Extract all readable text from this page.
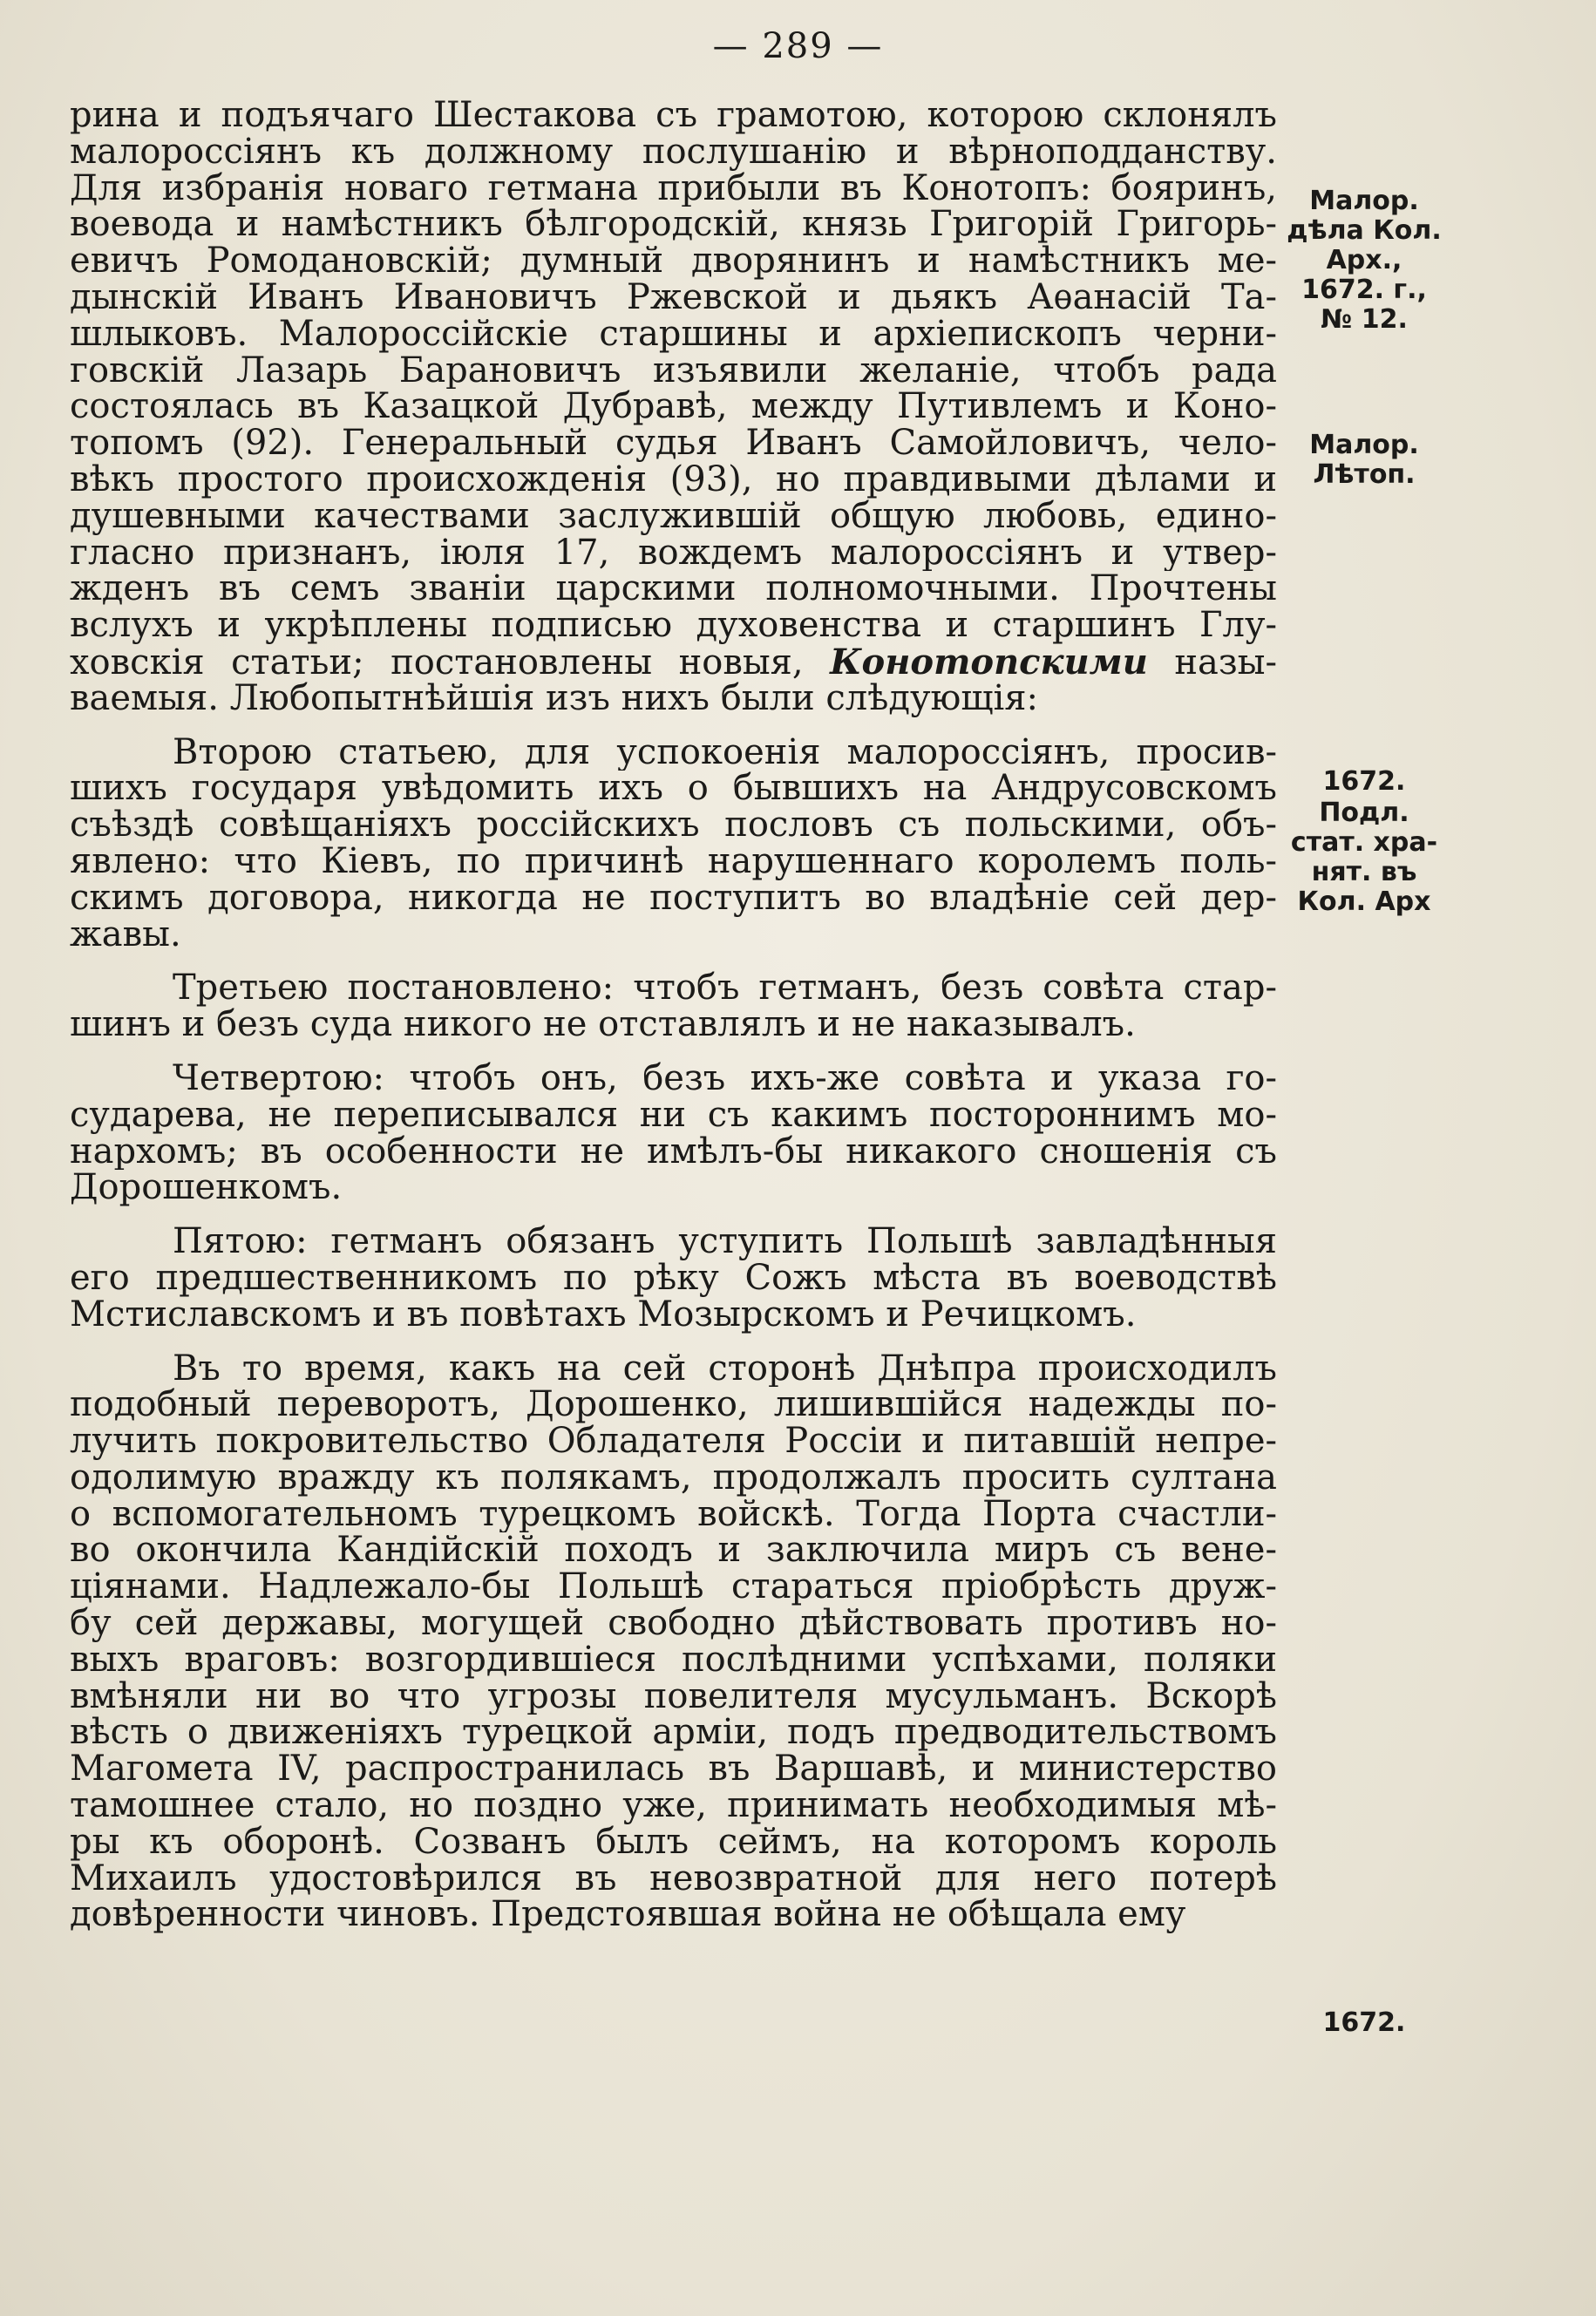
— 289 —
рина и подъячаго Шестакова съ грамотою, которою склонялъ
малороссіянъ къ должному послушанію и вѣрноподданству.
Для избранія новаго гетмана прибыли въ Конотопъ: бояринъ,
воевода и намѣстникъ бѣлгородскій, князь Григорій Григорь-
евичъ Ромодановскій; думный дворянинъ и намѣстникъ ме-
дынскій Иванъ Ивановичъ Ржевской и дьякъ Аѳанасій Та-
шлыковъ. Малороссійскіе старшины и архіепископъ черни-
говскій Лазарь Барановичъ изъявили желаніе, чтобъ рада
состоялась въ Казацкой Дубравѣ, между Путивлемъ и Коно-
топомъ (92). Генеральный судья Иванъ Самойловичъ, чело-
вѣкъ простого происхожденія (93), но правдивыми дѣлами и
душевными качествами заслужившій общую любовь, едино-
гласно признанъ, іюля 17, вождемъ малороссіянъ и утвер-
жденъ въ семъ званіи царскими полномочными. Прочтены
вслухъ и укрѣплены подписью духовенства и старшинъ Глу-
ховскія статьи; постановлены новыя, Конотопскими назы-
ваемыя. Любопытнѣйшія изъ нихъ были слѣдующія:
Второю статьею, для успокоенія малороссіянъ, просив-
шихъ государя увѣдомить ихъ о бывшихъ на Андрусовскомъ
съѣздѣ совѣщаніяхъ россійскихъ пословъ съ польскими, объ-
явлено: что Кіевъ, по причинѣ нарушеннаго королемъ поль-
скимъ договора, никогда не поступитъ во владѣніе сей дер-
жавы.
Третьею постановлено: чтобъ гетманъ, безъ совѣта стар-
шинъ и безъ суда никого не отставлялъ и не наказывалъ.
Четвертою: чтобъ онъ, безъ ихъ-же совѣта и указа го-
сударева, не переписывался ни съ какимъ постороннимъ мо-
нархомъ; въ особенности не имѣлъ-бы никакого сношенія съ
Дорошенкомъ.
Пятою: гетманъ обязанъ уступить Польшѣ завладѣнныя
его предшественникомъ по рѣку Сожъ мѣста въ воеводствѣ
Мстиславскомъ и въ повѣтахъ Мозырскомъ и Речицкомъ.
Въ то время, какъ на сей сторонѣ Днѣпра происходилъ
подобный переворотъ, Дорошенко, лишившійся надежды по-
лучить покровительство Обладателя Россіи и питавшій непре-
одолимую вражду къ полякамъ, продолжалъ просить султана
о вспомогательномъ турецкомъ войскѣ. Тогда Порта счастли-
во окончила Кандійскій походъ и заключила миръ съ вене-
ціянами. Надлежало-бы Польшѣ стараться пріобрѣсть друж-
бу сей державы, могущей свободно дѣйствовать противъ но-
выхъ враговъ: возгордившіеся послѣдними успѣхами, поляки
вмѣняли ни во что угрозы повелителя мусульманъ. Вскорѣ
вѣсть о движеніяхъ турецкой арміи, подъ предводительствомъ
Магомета IV, распространилась въ Варшавѣ, и министерство
тамошнее стало, но поздно уже, принимать необходимыя мѣ-
ры къ оборонѣ. Созванъ былъ сеймъ, на которомъ король
Михаилъ удостовѣрился въ невозвратной для него потерѣ
довѣренности чиновъ. Предстоявшая война не обѣщала ему
Малор.
дѣла Кол.
Арх.,
1672. г.,
№ 12.
Малор.
Лѣтоп.
1672.
Подл.
стат. хра-
нят. въ
Кол. Арх
1672.
